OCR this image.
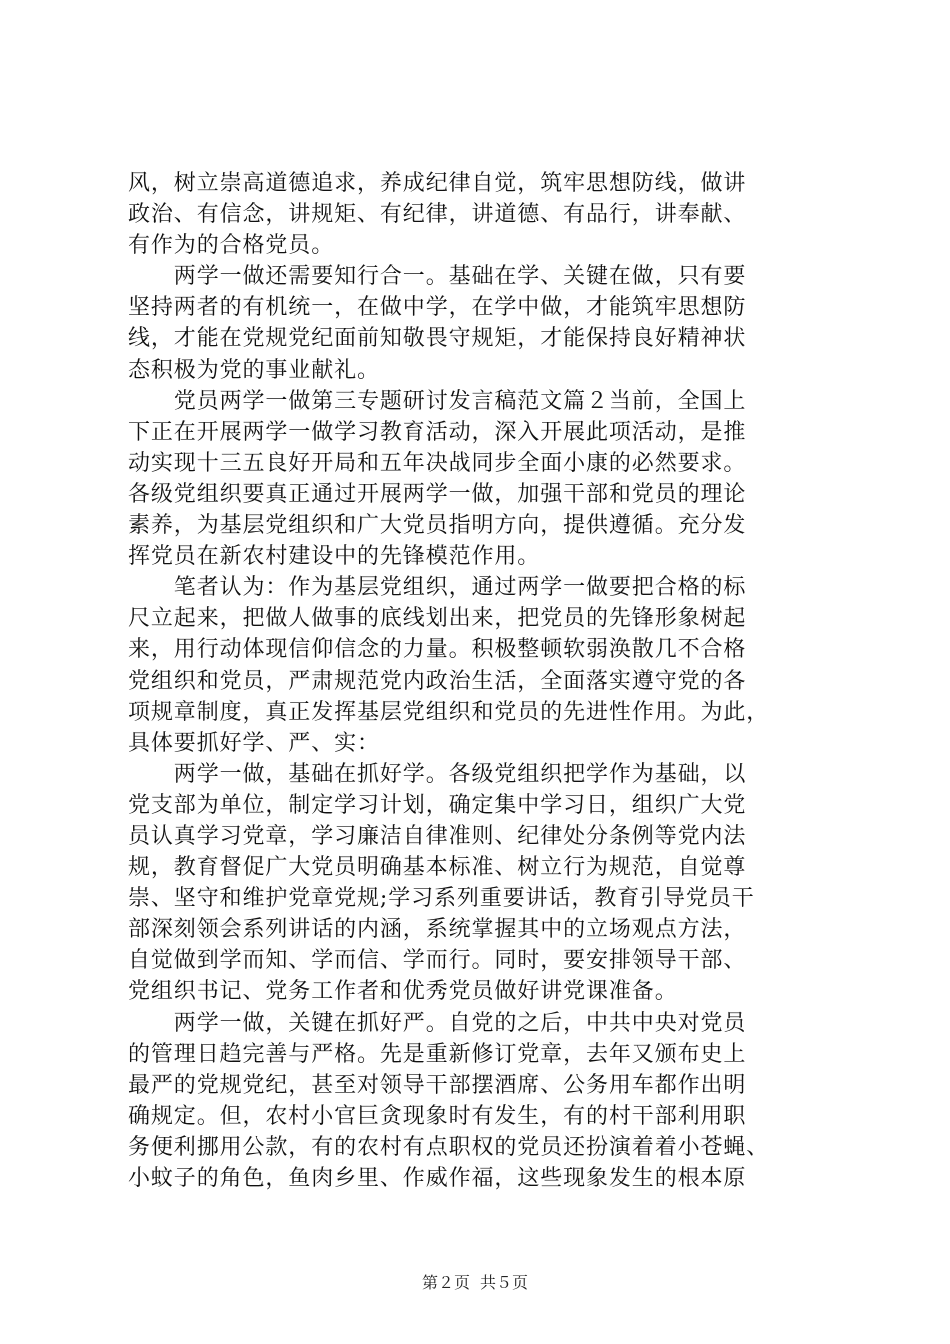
风，树立崇高道德追求，养成纪律自觉，筑牢思想防线，做讲
政治、有信念，讲规矩、有纪律，讲道德、有品行，讲奉献、
有作为的合格党员。
　　两学一做还需要知行合一。基础在学、关键在做，只有要
坚持两者的有机统一，在做中学，在学中做，才能筑牢思想防
线，才能在党规党纪面前知敬畏守规矩，才能保持良好精神状
态积极为党的事业献礼。
　　党员两学一做第三专题研讨发言稿范文篇２当前，全国上
下正在开展两学一做学习教育活动，深入开展此项活动，是推
动实现十三五良好开局和五年决战同步全面小康的必然要求。
各级党组织要真正通过开展两学一做，加强干部和党员的理论
素养，为基层党组织和广大党员指明方向，提供遵循。充分发
挥党员在新农村建设中的先锋模范作用。
　　笔者认为：作为基层党组织，通过两学一做要把合格的标
尺立起来，把做人做事的底线划出来，把党员的先锋形象树起
来，用行动体现信仰信念的力量。积极整顿软弱涣散几不合格
党组织和党员，严肃规范党内政治生活，全面落实遵守党的各
项规章制度，真正发挥基层党组织和党员的先进性作用。为此，
具体要抓好学、严、实：
　　两学一做，基础在抓好学。各级党组织把学作为基础，以
党支部为单位，制定学习计划，确定集中学习日，组织广大党
员认真学习党章，学习廉洁自律准则、纪律处分条例等党内法
规，教育督促广大党员明确基本标准、树立行为规范，自觉尊
崇、坚守和维护党章党规;学习系列重要讲话，教育引导党员干
部深刻领会系列讲话的内涵，系统掌握其中的立场观点方法，
自觉做到学而知、学而信、学而行。同时，要安排领导干部、
党组织书记、党务工作者和优秀党员做好讲党课准备。
　　两学一做，关键在抓好严。自党的之后，中共中央对党员
的管理日趋完善与严格。先是重新修订党章，去年又颁布史上
最严的党规党纪，甚至对领导干部摆酒席、公务用车都作出明
确规定。但，农村小官巨贪现象时有发生，有的村干部利用职
务便利挪用公款，有的农村有点职权的党员还扮演着着小苍蝇、
小蚊子的角色，鱼肉乡里、作威作福，这些现象发生的根本原
第２页 共５页
